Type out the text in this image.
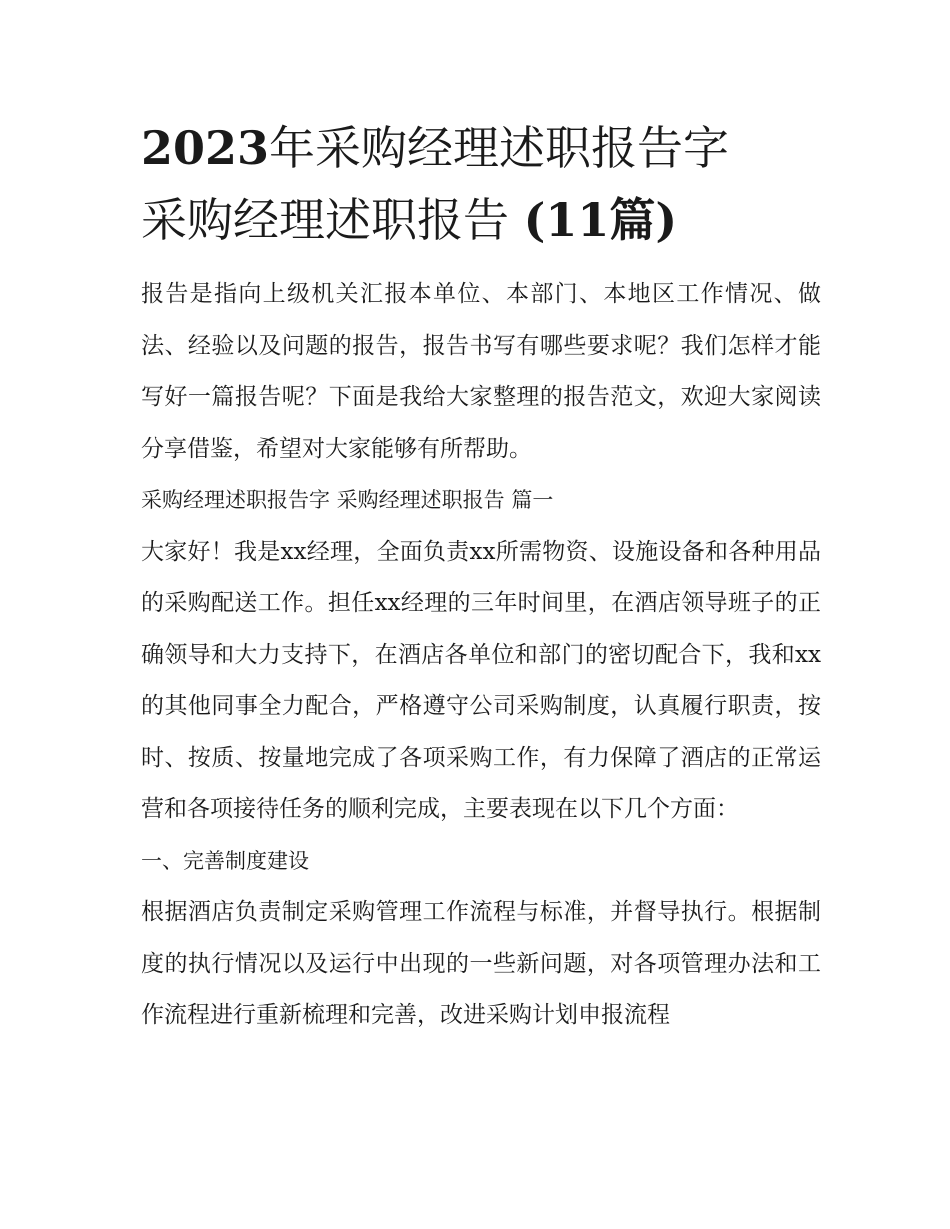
2023年采购经理述职报告字
采购经理述职报告 (11篇)

报告是指向上级机关汇报本单位、本部门、本地区工作情况、做法、经验以及问题的报告，报告书写有哪些要求呢？我们怎样才能写好一篇报告呢？下面是我给大家整理的报告范文，欢迎大家阅读分享借鉴，希望对大家能够有所帮助。

采购经理述职报告字 采购经理述职报告 篇一

大家好！我是xx经理，全面负责xx所需物资、设施设备和各种用品的采购配送工作。担任xx经理的三年时间里，在酒店领导班子的正确领导和大力支持下，在酒店各单位和部门的密切配合下，我和xx的其他同事全力配合，严格遵守公司采购制度，认真履行职责，按时、按质、按量地完成了各项采购工作，有力保障了酒店的正常运营和各项接待任务的顺利完成，主要表现在以下几个方面：

一、完善制度建设

根据酒店负责制定采购管理工作流程与标准，并督导执行。根据制度的执行情况以及运行中出现的一些新问题，对各项管理办法和工作流程进行重新梳理和完善，改进采购计划申报流程
